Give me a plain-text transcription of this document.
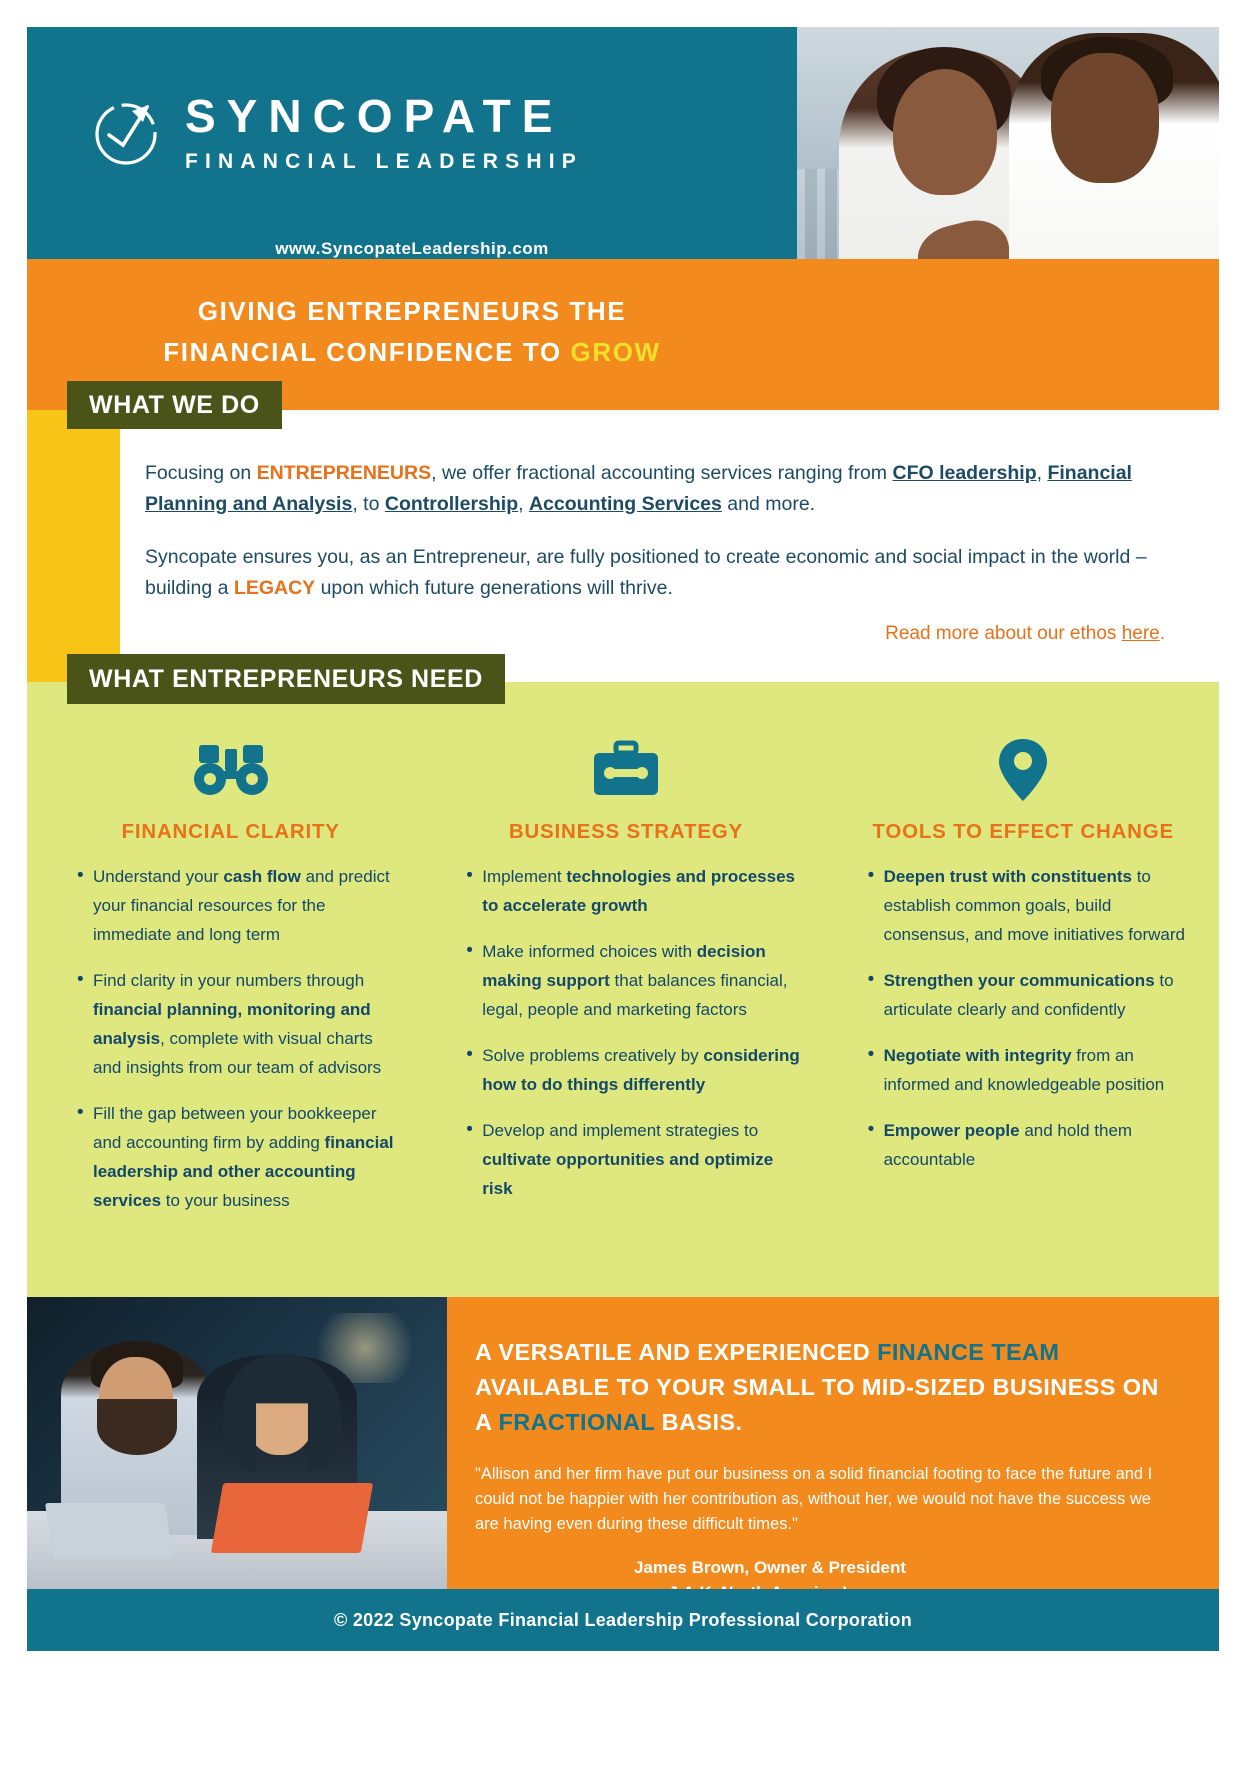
SYNCOPATE
FINANCIAL LEADERSHIP
www.SyncopateLeadership.com
GIVING ENTREPRENEURS THE
FINANCIAL CONFIDENCE TO GROW
WHAT WE DO

Focusing on ENTREPRENEURS, we offer fractional accounting services ranging from CFO leadership, Financial Planning and Analysis, to Controllership, Accounting Services and more.

Syncopate ensures you, as an Entrepreneur, are fully positioned to create economic and social impact in the world – building a LEGACY upon which future generations will thrive.

Read more about our ethos here.
WHAT ENTREPRENEURS NEED
FINANCIAL CLARITY
• Understand your cash flow and predict your financial resources for the immediate and long term
• Find clarity in your numbers through financial planning, monitoring and analysis, complete with visual charts and insights from our team of advisors
• Fill the gap between your bookkeeper and accounting firm by adding financial leadership and other accounting services to your business
BUSINESS STRATEGY
• Implement technologies and processes to accelerate growth
• Make informed choices with decision making support that balances financial, legal, people and marketing factors
• Solve problems creatively by considering how to do things differently
• Develop and implement strategies to cultivate opportunities and optimize risk
TOOLS TO EFFECT CHANGE
• Deepen trust with constituents to establish common goals, build consensus, and move initiatives forward
• Strengthen your communications to articulate clearly and confidently
• Negotiate with integrity from an informed and knowledgeable position
• Empower people and hold them accountable
A VERSATILE AND EXPERIENCED FINANCE TEAM AVAILABLE TO YOUR SMALL TO MID-SIZED BUSINESS ON A FRACTIONAL BASIS.
"Allison and her firm have put our business on a solid financial footing to face the future and I could not be happier with her contribution as, without her, we would not have the success we are having even during these difficult times."
James Brown, Owner & President
© 2022 Syncopate Financial Leadership Professional Corporation
